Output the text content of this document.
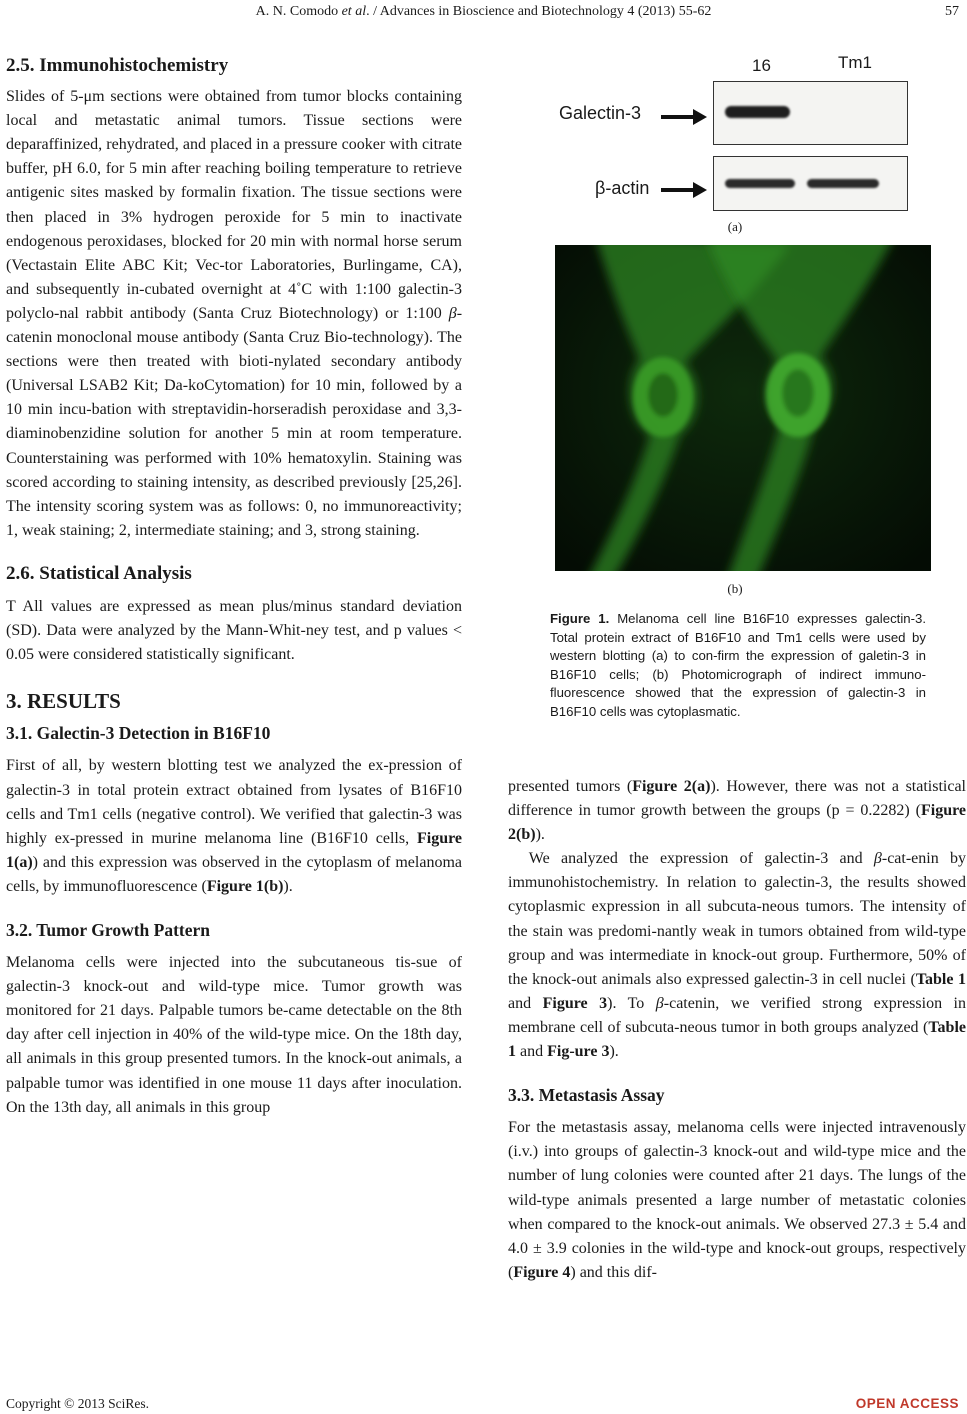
A. N. Comodo et al. / Advances in Bioscience and Biotechnology 4 (2013) 55-62	57
2.5. Immunohistochemistry

Slides of 5-μm sections were obtained from tumor blocks containing local and metastatic animal tumors. Tissue sections were deparaffinized, rehydrated, and placed in a pressure cooker with citrate buffer, pH 6.0, for 5 min after reaching boiling temperature to retrieve antigenic sites masked by formalin fixation. The tissue sections were then placed in 3% hydrogen peroxide for 5 min to inactivate endogenous peroxidases, blocked for 20 min with normal horse serum (Vectastain Elite ABC Kit; Vec-tor Laboratories, Burlingame, CA), and subsequently in-cubated overnight at 4˚C with 1:100 galectin-3 polyclo-nal rabbit antibody (Santa Cruz Biotechnology) or 1:100 β-catenin monoclonal mouse antibody (Santa Cruz Bio-technology). The sections were then treated with bioti-nylated secondary antibody (Universal LSAB2 Kit; Da-koCytomation) for 10 min, followed by a 10 min incu-bation with streptavidin-horseradish peroxidase and 3,3-diaminobenzidine solution for another 5 min at room temperature. Counterstaining was performed with 10% hematoxylin. Staining was scored according to staining intensity, as described previously [25,26]. The intensity scoring system was as follows: 0, no immunoreactivity; 1, weak staining; 2, intermediate staining; and 3, strong staining.

2.6. Statistical Analysis

T All values are expressed as mean plus/minus standard deviation (SD). Data were analyzed by the Mann-Whit-ney test, and p values < 0.05 were considered statistically significant.

3. RESULTS
3.1. Galectin-3 Detection in B16F10

First of all, by western blotting test we analyzed the ex-pression of galectin-3 in total protein extract obtained from lysates of B16F10 cells and Tm1 cells (negative control). We verified that galectin-3 was highly ex-pressed in murine melanoma line (B16F10 cells, Figure 1(a)) and this expression was observed in the cytoplasm of melanoma cells, by immunofluorescence (Figure 1(b)).

3.2. Tumor Growth Pattern

Melanoma cells were injected into the subcutaneous tis-sue of galectin-3 knock-out and wild-type mice. Tumor growth was monitored for 21 days. Palpable tumors be-came detectable on the 8th day after cell injection in 40% of the wild-type mice. On the 18th day, all animals in this group presented tumors. In the knock-out animals, a palpable tumor was identified in one mouse 11 days after inoculation. On the 13th day, all animals in this group

16	Tm1
Galectin-3
β-actin
(a)
(b)
Figure 1. Melanoma cell line B16F10 expresses galectin-3. Total protein extract of B16F10 and Tm1 cells were used by western blotting (a) to con-firm the expression of galetin-3 in B16F10 cells; (b) Photomicrograph of indirect immuno-fluorescence showed that the expression of galectin-3 in B16F10 cells was cytoplasmatic.

presented tumors (Figure 2(a)). However, there was not a statistical difference in tumor growth between the groups (p = 0.2282) (Figure 2(b)).

We analyzed the expression of galectin-3 and β-cat-enin by immunohistochemistry. In relation to galectin-3, the results showed cytoplasmic expression in all subcuta-neous tumors. The intensity of the stain was predomi-nantly weak in tumors obtained from wild-type group and was intermediate in knock-out group. Furthermore, 50% of the knock-out animals also expressed galectin-3 in cell nuclei (Table 1 and Figure 3). To β-catenin, we verified strong expression in membrane cell of subcuta-neous tumor in both groups analyzed (Table 1 and Fig-ure 3).

3.3. Metastasis Assay

For the metastasis assay, melanoma cells were injected intravenously (i.v.) into groups of galectin-3 knock-out and wild-type mice and the number of lung colonies were counted after 21 days. The lungs of the wild-type animals presented a large number of metastatic colonies when compared to the knock-out animals. We observed 27.3 ± 5.4 and 4.0 ± 3.9 colonies in the wild-type and knock-out groups, respectively (Figure 4) and this dif-

Copyright © 2013 SciRes.	OPEN ACCESS
